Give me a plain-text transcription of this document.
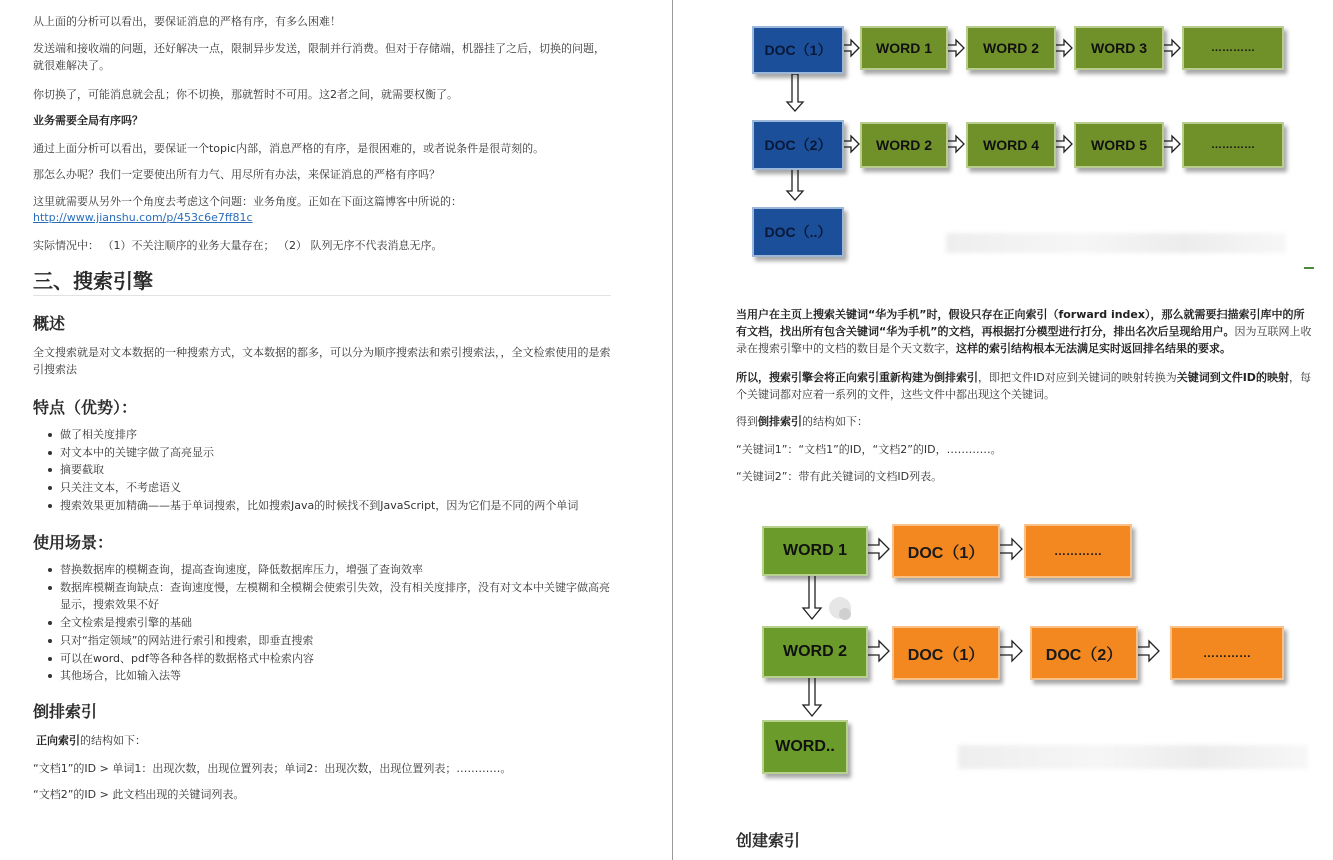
从上面的分析可以看出，要保证消息的严格有序，有多么困难！

发送端和接收端的问题，还好解决一点，限制异步发送，限制并行消费。但对于存储端，机器挂了之后，切换的问题，就很难解决了。

你切换了，可能消息就会乱；你不切换，那就暂时不可用。这2者之间，就需要权衡了。

业务需要全局有序吗？

通过上面分析可以看出，要保证一个topic内部，消息严格的有序，是很困难的，或者说条件是很苛刻的。

那怎么办呢？我们一定要使出所有力气、用尽所有办法，来保证消息的严格有序吗？

这里就需要从另外一个角度去考虑这个问题：业务角度。正如在下面这篇博客中所说的：

http://www.jianshu.com/p/453c6e7ff81c

实际情况中： （1）不关注顺序的业务大量存在； （2） 队列无序不代表消息无序。

三、搜索引擎
概述

全文搜索就是对文本数据的一种搜索方式，文本数据的都多，可以分为顺序搜索法和索引搜索法，，全文检索使用的是索引搜索法

特点（优势）：
做了相关度排序
对文本中的关键字做了高亮显示
摘要截取
只关注文本，不考虑语义
搜索效果更加精确——基于单词搜索，比如搜索Java的时候找不到JavaScript，因为它们是不同的两个单词
使用场景：
替换数据库的模糊查询，提高查询速度，降低数据库压力，增强了查询效率
数据库模糊查询缺点：查询速度慢，左模糊和全模糊会使索引失效，没有相关度排序，没有对文本中关键字做高亮显示，搜索效果不好
全文检索是搜索引擎的基础
只对“指定领域”的网站进行索引和搜索，即垂直搜索
可以在word、pdf等各种各样的数据格式中检索内容
其他场合，比如输入法等
倒排索引

正向索引的结构如下：

“文档1”的ID > 单词1：出现次数，出现位置列表；单词2：出现次数，出现位置列表；…………。

“文档2”的ID > 此文档出现的关键词列表。

DOC（1）	WORD 1	WORD 2	WORD 3	…………
DOC（2）	WORD 2	WORD 4	WORD 5	…………
DOC（..）

当用户在主页上搜索关键词“华为手机”时，假设只存在正向索引（forward index），那么就需要扫描索引库中的所有文档，找出所有包含关键词“华为手机”的文档，再根据打分模型进行打分，排出名次后呈现给用户。因为互联网上收录在搜索引擎中的文档的数目是个天文数字，这样的索引结构根本无法满足实时返回排名结果的要求。

所以，搜索引擎会将正向索引重新构建为倒排索引，即把文件ID对应到关键词的映射转换为关键词到文件ID的映射，每个关键词都对应着一系列的文件，这些文件中都出现这个关键词。

得到倒排索引的结构如下：

“关键词1”：“文档1”的ID，“文档2”的ID，…………。

“关键词2”：带有此关键词的文档ID列表。

WORD 1	DOC（1）	…………
WORD 2	DOC（1）	DOC（2）	…………
WORD..
创建索引
